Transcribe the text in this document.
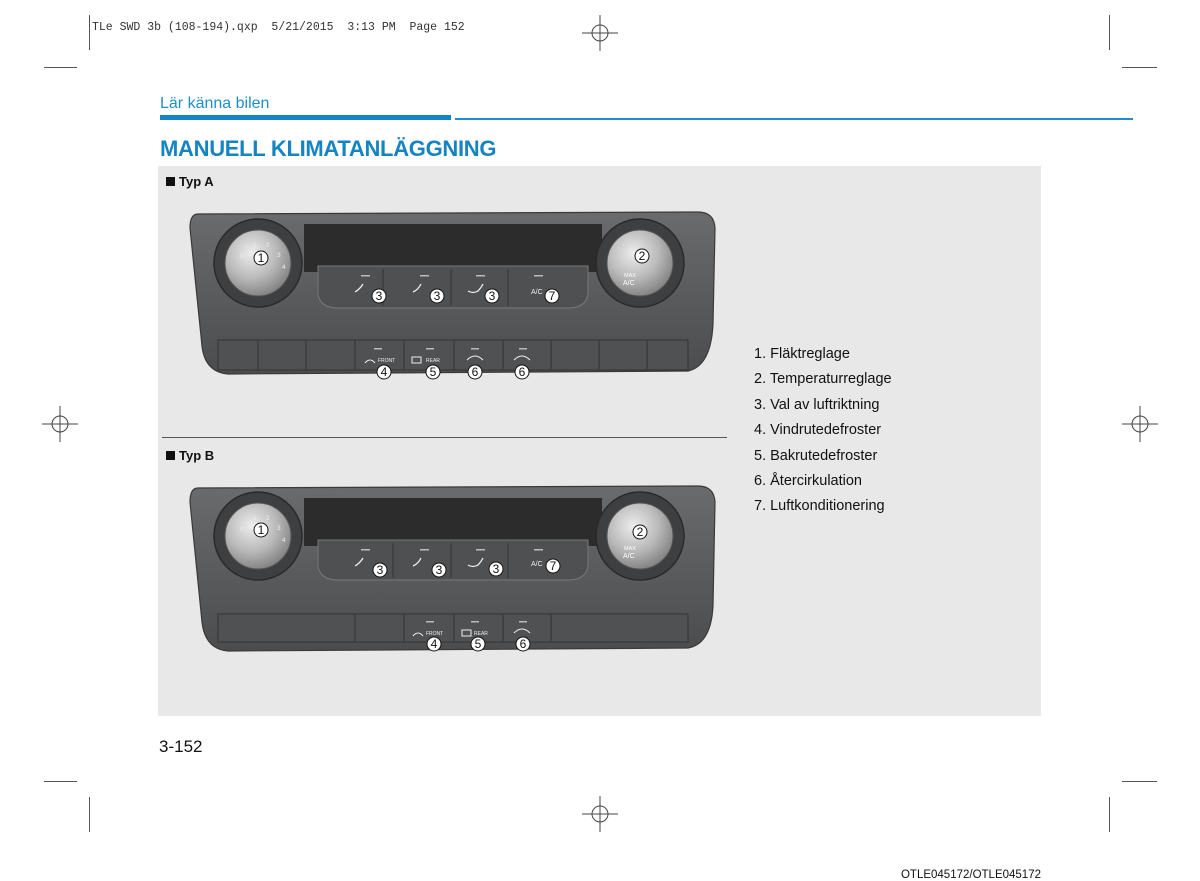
TLe SWD 3b (108-194).qxp  5/21/2015  3:13 PM  Page 152
Lär känna bilen
MANUELL KLIMATANLÄGGNING
Typ A
Typ B
OTLE045172/OTLE045172
0
1 2
3
4
MAX
A/C
A/C
FRONT	REAR
1	2
3	3	3	7
4	5	6	6
0
1 2
3
4
MAX
A/C
A/C
FRONT	REAR
1	2
3	3	3	7
4	5	6
1. Fläktreglage
2. Temperaturreglage
3. Val av luftriktning
4. Vindrutedefroster
5. Bakrutedefroster
6. Återcirkulation
7. Luftkonditionering
3-152
